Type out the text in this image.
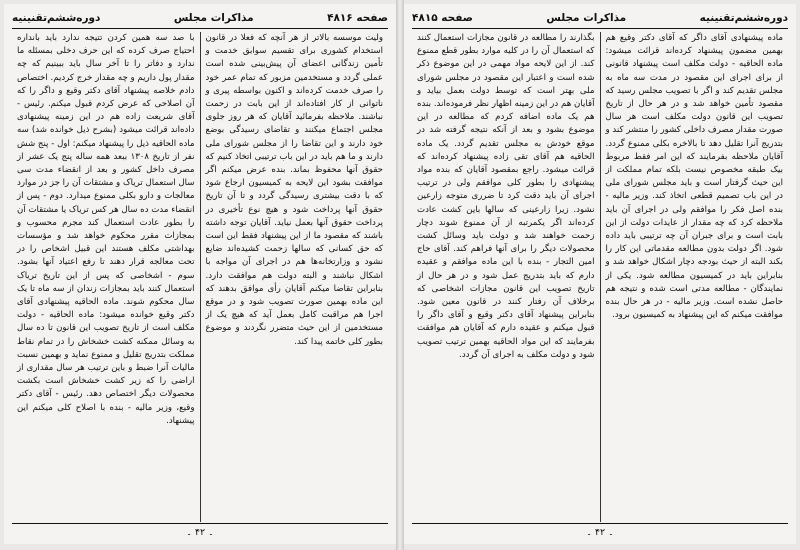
صفحه ۴۸۱۶
مذاکرات مجلس
دوره‌ششم‌تقنینیه

ولیت موسسه بالاتر از هر آنچه که فعلا در قانون استخدام کشوری برای تقسیم سوابق خدمت و تأمین زندگانی اعضای آن پیش‌بینی شده است عملی گردد و مستخدمین مزبور که تمام عمر خود را صرف خدمت کرده‌اند و اکنون بواسطه پیری و ناتوانی از کار افتاده‌اند از این بابت در زحمت نباشند. ملاحظه بفرمائید آقایان که هر روز جلوی مجلس اجتماع میکنند و تقاضای رسیدگی بوضع خود دارند و این تقاضا را از مجلس شورای ملی دارند و ما هم باید در این باب ترتیبی اتخاذ کنیم که حقوق آنها محفوظ بماند. بنده عرض میکنم اگر موافقت بشود این لایحه به کمیسیون ارجاع شود که با دقت بیشتری رسیدگی گردد و تا آن تاریخ حقوق آنها پرداخت شود و هیچ نوع تأخیری در پرداخت حقوق آنها بعمل نیاید. آقایان توجه داشته باشند که مقصود ما از این پیشنهاد فقط این است که حق کسانی که سالها زحمت کشیده‌اند ضایع نشود و وزارتخانه‌ها هم در اجرای آن مواجه با اشکال نباشند و البته دولت هم موافقت دارد. بنابراین تقاضا میکنم آقایان رأی موافق بدهند که این ماده بهمین صورت تصویب شود و در موقع اجرا هم مراقبت کامل بعمل آید که هیچ یک از مستخدمین از این حیث متضرر نگردند و موضوع بطور کلی خاتمه پیدا کند.

با صد سه همین کردن تتیجه ندارد باید بانداره احتیاج صرف کرده که این حرف دخلی بمسئله ما ندارد و دفاتر را تا آخر سال باید ببینیم که چه مقدار پول داریم و چه مقدار خرج کردیم. اختصاص دادم خلاصه پیشنهاد آقای دکتر وقیع و داگر را که آن اصلاحی که عرض کردم قبول میکنم. رئیس - آقای شریعت زاده هم در این زمینه پیشنهادی داده‌اند قرائت میشود (بشرح ذیل خوانده شد) سه ماده الحاقیه ذیل را پیشنهاد میکنم: اول - پنج شش نفر از تاریخ ۱۳۰۸ ببعد همه ساله پنج یک عشر از مصرف داخل کشور و بعد از انقضاء مدت سی سال استعمال تریاک و مشتقات آن را جز در موارد معالجات و دارو بکلی ممنوع میدارد. دوم - پس از انقضاء مدت ده سال هر کس تریاک یا مشتقات آن را بطور عادت استعمال کند مجرم محسوب و بمجازات مقرر محکوم خواهد شد و مؤسسات بهداشتی مکلف هستند این قبیل اشخاص را در تحت معالجه قرار دهند تا رفع اعتیاد آنها بشود. سوم - اشخاصی که پس از این تاریخ تریاک استعمال کنند باید بمجازات زندان از سه ماه تا یک سال محکوم شوند. ماده الحاقیه پیشنهادی آقای دکتر وقیع خوانده میشود: ماده الحاقیه - دولت مکلف است از تاریخ تصویب این قانون تا ده سال به وسائل ممکنه کشت خشخاش را در تمام نقاط مملکت بتدریج تقلیل و ممنوع نماید و بهمین نسبت مالیات آنرا ضبط و باین ترتیب هر سال مقداری از اراضی را که زیر کشت خشخاش است بکشت محصولات دیگر اختصاص دهد. رئیس - آقای دکتر وقیع، وزیر مالیه - بنده با اصلاح کلی میکنم این پیشنهاد.

۔ ۴۲ ۔
دوره‌ششم‌تقنینیه
مذاکرات مجلس
صفحه ۴۸۱۵

ماده پیشنهادی آقای داگر که آقای دکتر وقیع هم بهمین مضمون پیشنهاد کرده‌اند قرائت میشود: ماده الحاقیه - دولت مکلف است پیشنهاد قانونی از برای اجرای این مقصود در مدت سه ماه به مجلس تقدیم کند و اگر با تصویب مجلس رسید که مقصود تأمین خواهد شد و در هر حال از تاریخ تصویب این قانون دولت مکلف است هر سال صورت مقدار مصرف داخلی کشور را منتشر کند و بتدریج آنرا تقلیل دهد تا بالاخره بکلی ممنوع گردد. آقایان ملاحظه بفرمایند که این امر فقط مربوط بیک طبقه مخصوص نیست بلکه تمام مملکت از این حیث گرفتار است و باید مجلس شورای ملی در این باب تصمیم قطعی اتخاذ کند. وزیر مالیه - بنده اصل فکر را موافقم ولی در اجرای آن باید ملاحظه کرد که چه مقدار از عایدات دولت از این بابت است و برای جبران آن چه ترتیبی باید داده شود. اگر دولت بدون مطالعه مقدماتی این کار را بکند البته از حیث بودجه دچار اشکال خواهد شد و بنابراین باید در کمیسیون مطالعه شود. یکی از نمایندگان - مطالعه مدتی است شده و نتیجه هم حاصل نشده است. وزیر مالیه - در هر حال بنده موافقت میکنم که این پیشنهاد به کمیسیون برود.

بگذارند را مطالعه در قانون مجازات استعمال کنند که استعمال آن را در کلیه موارد بطور قطع ممنوع کند. از این لایحه مواد مهمی در این موضوع ذکر شده است و اعتبار این مقصود در مجلس شورای ملی بهتر است که توسط دولت بعمل بیاید و آقایان هم در این زمینه اظهار نظر فرموده‌اند. بنده هم یک ماده اضافه کردم که مطالعه در این موضوع بشود و بعد از آنکه نتیجه گرفته شد در موقع خودش به مجلس تقدیم گردد. یک ماده الحاقیه هم آقای تقی زاده پیشنهاد کرده‌اند که قرائت میشود. راجع بمقصود آقایان که بنده مواد پیشنهادی را بطور کلی موافقم ولی در ترتیب اجرای آن باید دقت کرد تا ضرری متوجه زارعین نشود. زیرا زارعینی که سالها باین کشت عادت کرده‌اند اگر یکمرتبه از آن ممنوع شوند دچار زحمت خواهند شد و دولت باید وسائل کشت محصولات دیگر را برای آنها فراهم کند. آقای حاج امین التجار - بنده با این ماده موافقم و عقیده دارم که باید بتدریج عمل شود و در هر حال از تاریخ تصویب این قانون مجازات اشخاصی که برخلاف آن رفتار کنند در قانون معین شود. بنابراین پیشنهاد آقای دکتر وقیع و آقای داگر را قبول میکنم و عقیده دارم که آقایان هم موافقت بفرمایند که این مواد الحاقیه بهمین ترتیب تصویب شود و دولت مکلف به اجرای آن گردد.

۔ ۴۲ ۔
